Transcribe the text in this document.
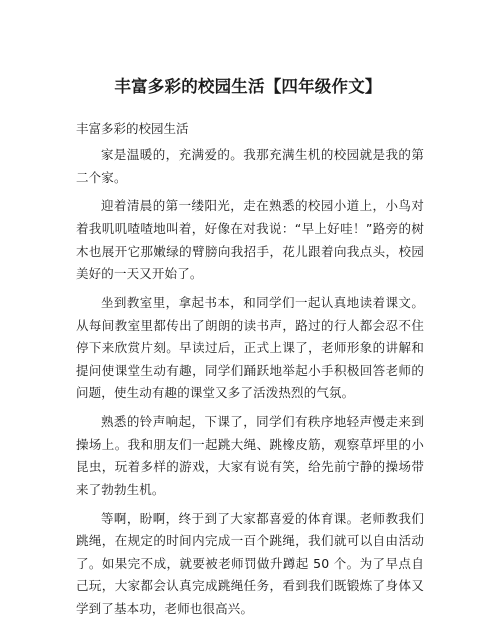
丰富多彩的校园生活【四年级作文】
丰富多彩的校园生活

家是温暖的，充满爱的。我那充满生机的校园就是我的第二个家。

迎着清晨的第一缕阳光，走在熟悉的校园小道上，小鸟对着我叽叽喳喳地叫着，好像在对我说：“早上好哇！”路旁的树木也展开它那嫩绿的臂膀向我招手，花儿跟着向我点头，校园美好的一天又开始了。

坐到教室里，拿起书本，和同学们一起认真地读着课文。从每间教室里都传出了朗朗的读书声，路过的行人都会忍不住停下来欣赏片刻。早读过后，正式上课了，老师形象的讲解和提问使课堂生动有趣，同学们踊跃地举起小手积极回答老师的问题，使生动有趣的课堂又多了活泼热烈的气氛。

熟悉的铃声响起，下课了，同学们有秩序地轻声慢走来到操场上。我和朋友们一起跳大绳、跳橡皮筋，观察草坪里的小昆虫，玩着多样的游戏，大家有说有笑，给先前宁静的操场带来了勃勃生机。

等啊，盼啊，终于到了大家都喜爱的体育课。老师教我们跳绳，在规定的时间内完成一百个跳绳，我们就可以自由活动了。如果完不成，就要被老师罚做升蹲起 50 个。为了早点自己玩，大家都会认真完成跳绳任务，看到我们既锻炼了身体又学到了基本功，老师也很高兴。
